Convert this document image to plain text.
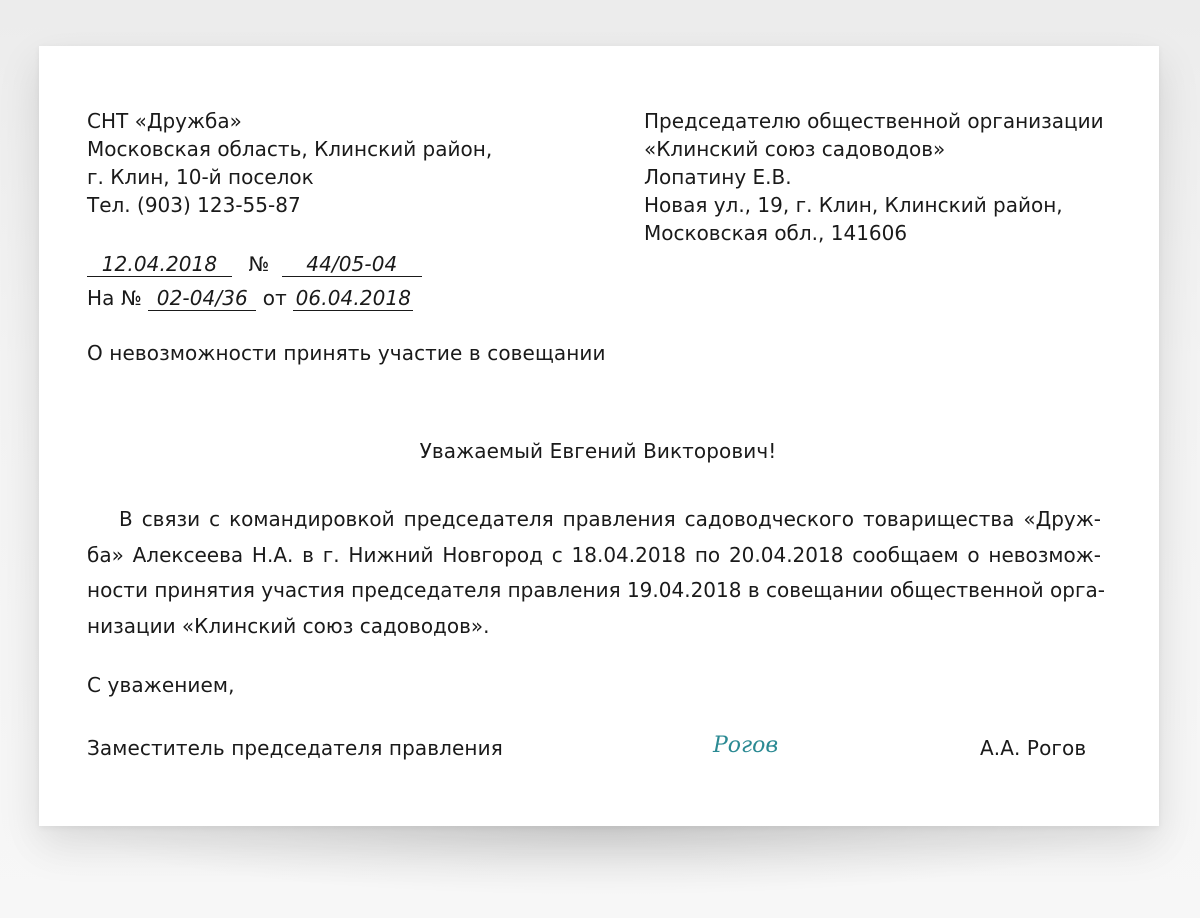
СНТ «Дружба»
Московская область, Клинский район,
г. Клин, 10-й поселок
Тел. (903) 123-55-87
Председателю общественной организации
«Клинский союз садоводов»
Лопатину Е.В.
Новая ул., 19, г. Клин, Клинский район,
Московская обл., 141606
12.04.2018 № 44/05-04
На № 02-04/36 от 06.04.2018
О невозможности принять участие в совещании
Уважаемый Евгений Викторович!
В связи с командировкой председателя правления садоводческого товарищества «Друж-
ба» Алексеева Н.А. в г. Нижний Новгород с 18.04.2018 по 20.04.2018 сообщаем о невозмож-
ности принятия участия председателя правления 19.04.2018 в совещании общественной орга-
низации «Клинский союз садоводов».
С уважением,
Заместитель председателя правления	Рогов	А.А. Рогов
